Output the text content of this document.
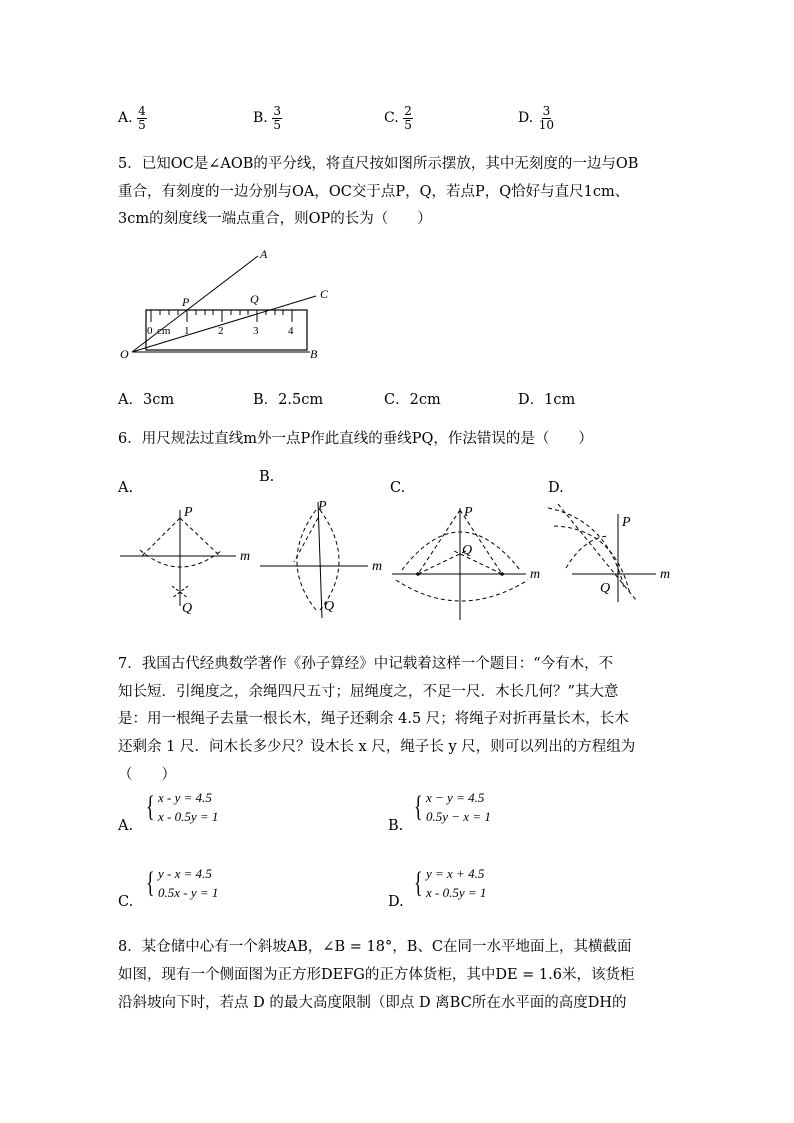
A. $\frac{4}{5}$	B. $\frac{3}{5}$	C. $\frac{2}{5}$	D. $\frac{3}{10}$
5．已知OC是∠AOB的平分线，将直尺按如图所示摆放，其中无刻度的一边与OB
重合，有刻度的一边分别与OA，OC交于点P，Q，若点P，Q恰好与直尺1cm、
3cm的刻度线一端点重合，则OP的长为（　　）
0 cm 1	2	3	4
A
C
P	Q
O	B
A．3cm	B．2.5cm	C．2cm	D．1cm
6．用尺规法过直线m外一点P作此直线的垂线PQ，作法错误的是（　　）
A.
B.
C.	D.
P
m
Q
P
m
Q
P
Q
m
P
Q
m
7．我国古代经典数学著作《孙子算经》中记载着这样一个题目：“今有木，不
知长短．引绳度之，余绳四尺五寸；屈绳度之，不足一尺．木长几何？”其大意
是：用一根绳子去量一根长木，绳子还剩余 4.5 尺；将绳子对折再量长木，长木
还剩余 1 尺．问木长多少尺？设木长 x 尺，绳子长 y 尺，则可以列出的方程组为
（　　）
A.
{ x - y = 4.5
x - 0.5y = 1
B.
{ x − y = 4.5
0.5y − x = 1
C.
{ y - x = 4.5
0.5x - y = 1
D.
{ y = x + 4.5
x - 0.5y = 1
8．某仓储中心有一个斜坡AB，∠B = 18°，B、C在同一水平地面上，其横截面
如图，现有一个侧面图为正方形DEFG的正方体货柜，其中DE = 1.6米，该货柜
沿斜坡向下时，若点 D 的最大高度限制（即点 D 离BC所在水平面的高度DH的
